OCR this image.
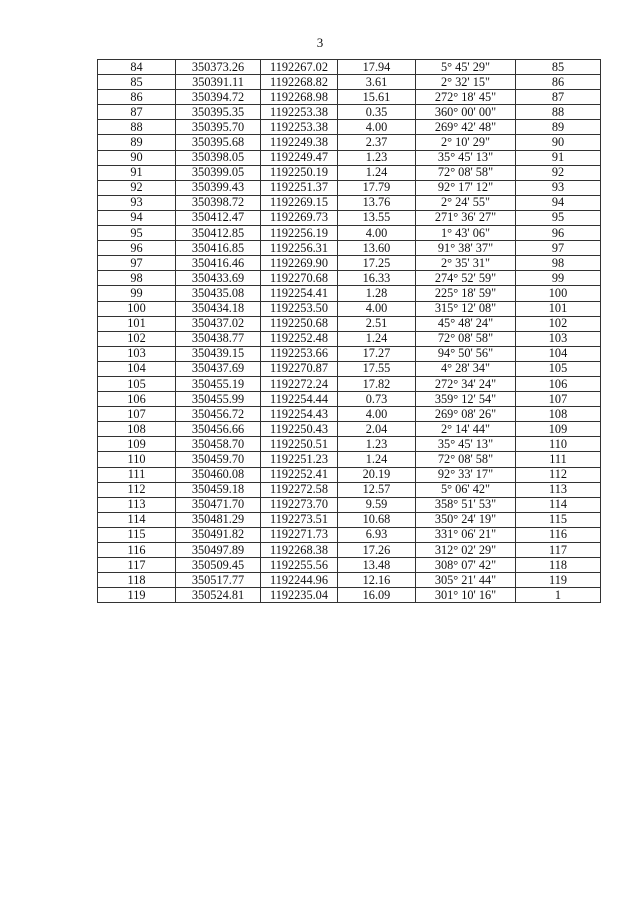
3
84	350373.26	1192267.02	17.94	5° 45' 29"	85
85	350391.11	1192268.82	3.61	2° 32' 15"	86
86	350394.72	1192268.98	15.61	272° 18' 45"	87
87	350395.35	1192253.38	0.35	360° 00' 00"	88
88	350395.70	1192253.38	4.00	269° 42' 48"	89
89	350395.68	1192249.38	2.37	2° 10' 29"	90
90	350398.05	1192249.47	1.23	35° 45' 13"	91
91	350399.05	1192250.19	1.24	72° 08' 58"	92
92	350399.43	1192251.37	17.79	92° 17' 12"	93
93	350398.72	1192269.15	13.76	2° 24' 55"	94
94	350412.47	1192269.73	13.55	271° 36' 27"	95
95	350412.85	1192256.19	4.00	1° 43' 06"	96
96	350416.85	1192256.31	13.60	91° 38' 37"	97
97	350416.46	1192269.90	17.25	2° 35' 31"	98
98	350433.69	1192270.68	16.33	274° 52' 59"	99
99	350435.08	1192254.41	1.28	225° 18' 59"	100
100	350434.18	1192253.50	4.00	315° 12' 08"	101
101	350437.02	1192250.68	2.51	45° 48' 24"	102
102	350438.77	1192252.48	1.24	72° 08' 58"	103
103	350439.15	1192253.66	17.27	94° 50' 56"	104
104	350437.69	1192270.87	17.55	4° 28' 34"	105
105	350455.19	1192272.24	17.82	272° 34' 24"	106
106	350455.99	1192254.44	0.73	359° 12' 54"	107
107	350456.72	1192254.43	4.00	269° 08' 26"	108
108	350456.66	1192250.43	2.04	2° 14' 44"	109
109	350458.70	1192250.51	1.23	35° 45' 13"	110
110	350459.70	1192251.23	1.24	72° 08' 58"	111
111	350460.08	1192252.41	20.19	92° 33' 17"	112
112	350459.18	1192272.58	12.57	5° 06' 42"	113
113	350471.70	1192273.70	9.59	358° 51' 53"	114
114	350481.29	1192273.51	10.68	350° 24' 19"	115
115	350491.82	1192271.73	6.93	331° 06' 21"	116
116	350497.89	1192268.38	17.26	312° 02' 29"	117
117	350509.45	1192255.56	13.48	308° 07' 42"	118
118	350517.77	1192244.96	12.16	305° 21' 44"	119
119	350524.81	1192235.04	16.09	301° 10' 16"	1
